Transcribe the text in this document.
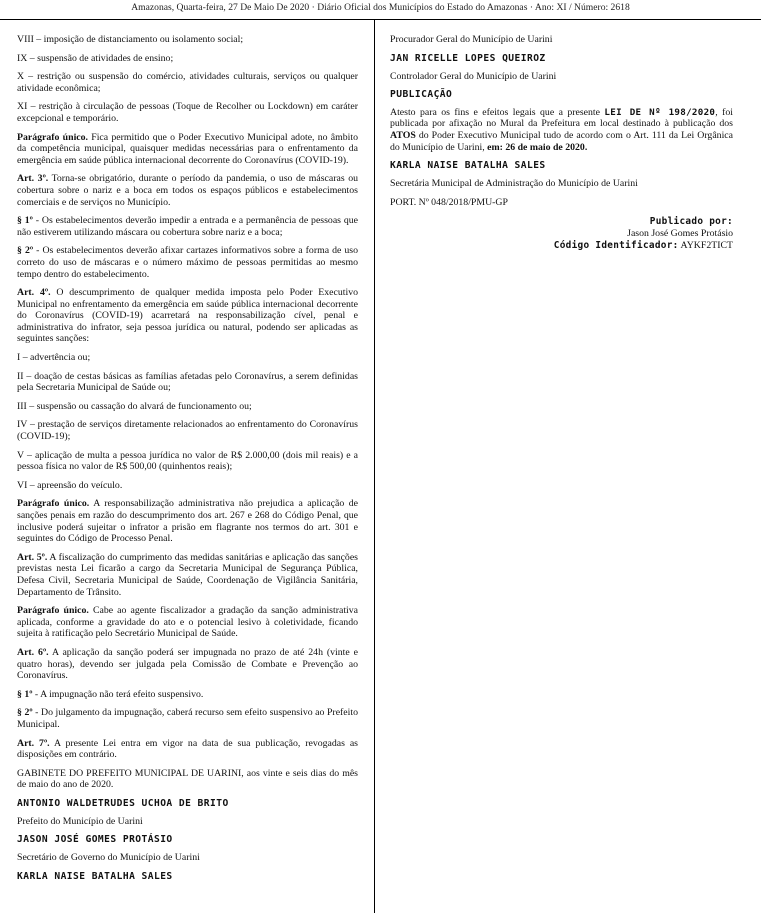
Amazonas, Quarta-feira, 27 De Maio De 2020 · Diário Oficial dos Municípios do Estado do Amazonas · Ano: XI / Número: 2618

VIII – imposição de distanciamento ou isolamento social;

IX – suspensão de atividades de ensino;

X – restrição ou suspensão do comércio, atividades culturais, serviços ou qualquer atividade econômica;

XI – restrição à circulação de pessoas (Toque de Recolher ou Lockdown) em caráter excepcional e temporário.

Parágrafo único. Fica permitido que o Poder Executivo Municipal adote, no âmbito da competência municipal, quaisquer medidas necessárias para o enfrentamento da emergência em saúde pública internacional decorrente do Coronavírus (COVID-19).

Art. 3º. Torna-se obrigatório, durante o período da pandemia, o uso de máscaras ou cobertura sobre o nariz e a boca em todos os espaços públicos e estabelecimentos comerciais e de serviços no Município.

§ 1º - Os estabelecimentos deverão impedir a entrada e a permanência de pessoas que não estiverem utilizando máscara ou cobertura sobre nariz e a boca;

§ 2º - Os estabelecimentos deverão afixar cartazes informativos sobre a forma de uso correto do uso de máscaras e o número máximo de pessoas permitidas ao mesmo tempo dentro do estabelecimento.

Art. 4º. O descumprimento de qualquer medida imposta pelo Poder Executivo Municipal no enfrentamento da emergência em saúde pública internacional decorrente do Coronavírus (COVID-19) acarretará na responsabilização cível, penal e administrativa do infrator, seja pessoa jurídica ou natural, podendo ser aplicadas as seguintes sanções:

I – advertência ou;

II – doação de cestas básicas as famílias afetadas pelo Coronavírus, a serem definidas pela Secretaria Municipal de Saúde ou;

III – suspensão ou cassação do alvará de funcionamento ou;

IV – prestação de serviços diretamente relacionados ao enfrentamento do Coronavírus (COVID-19);

V – aplicação de multa a pessoa jurídica no valor de R$ 2.000,00 (dois mil reais) e a pessoa física no valor de R$ 500,00 (quinhentos reais);

VI – apreensão do veículo.

Parágrafo único. A responsabilização administrativa não prejudica a aplicação de sanções penais em razão do descumprimento dos art. 267 e 268 do Código Penal, que inclusive poderá sujeitar o infrator a prisão em flagrante nos termos do art. 301 e seguintes do Código de Processo Penal.

Art. 5º. A fiscalização do cumprimento das medidas sanitárias e aplicação das sanções previstas nesta Lei ficarão a cargo da Secretaria Municipal de Segurança Pública, Defesa Civil, Secretaria Municipal de Saúde, Coordenação de Vigilância Sanitária, Departamento de Trânsito.

Parágrafo único. Cabe ao agente fiscalizador a gradação da sanção administrativa aplicada, conforme a gravidade do ato e o potencial lesivo à coletividade, ficando sujeita à ratificação pelo Secretário Municipal de Saúde.

Art. 6º. A aplicação da sanção poderá ser impugnada no prazo de até 24h (vinte e quatro horas), devendo ser julgada pela Comissão de Combate e Prevenção ao Coronavírus.

§ 1º - A impugnação não terá efeito suspensivo.

§ 2º - Do julgamento da impugnação, caberá recurso sem efeito suspensivo ao Prefeito Municipal.

Art. 7º. A presente Lei entra em vigor na data de sua publicação, revogadas as disposições em contrário.

GABINETE DO PREFEITO MUNICIPAL DE UARINI, aos vinte e seis dias do mês de maio do ano de 2020.

ANTONIO WALDETRUDES UCHOA DE BRITO
Prefeito do Município de Uarini
JASON JOSÉ GOMES PROTÁSIO
Secretário de Governo do Município de Uarini
KARLA NAISE BATALHA SALES
Procurador Geral do Município de Uarini
JAN RICELLE LOPES QUEIROZ
Controlador Geral do Município de Uarini
PUBLICAÇÃO

Atesto para os fins e efeitos legais que a presente LEI DE Nº 198/2020, foi publicada por afixação no Mural da Prefeitura em local destinado à publicação dos ATOS do Poder Executivo Municipal tudo de acordo com o Art. 111 da Lei Orgânica do Município de Uarini, em: 26 de maio de 2020.

KARLA NAISE BATALHA SALES
Secretária Municipal de Administração do Município de Uarini
PORT. Nº 048/2018/PMU-GP
Publicado por:
Jason José Gomes Protásio
Código Identificador: AYKF2TICT
